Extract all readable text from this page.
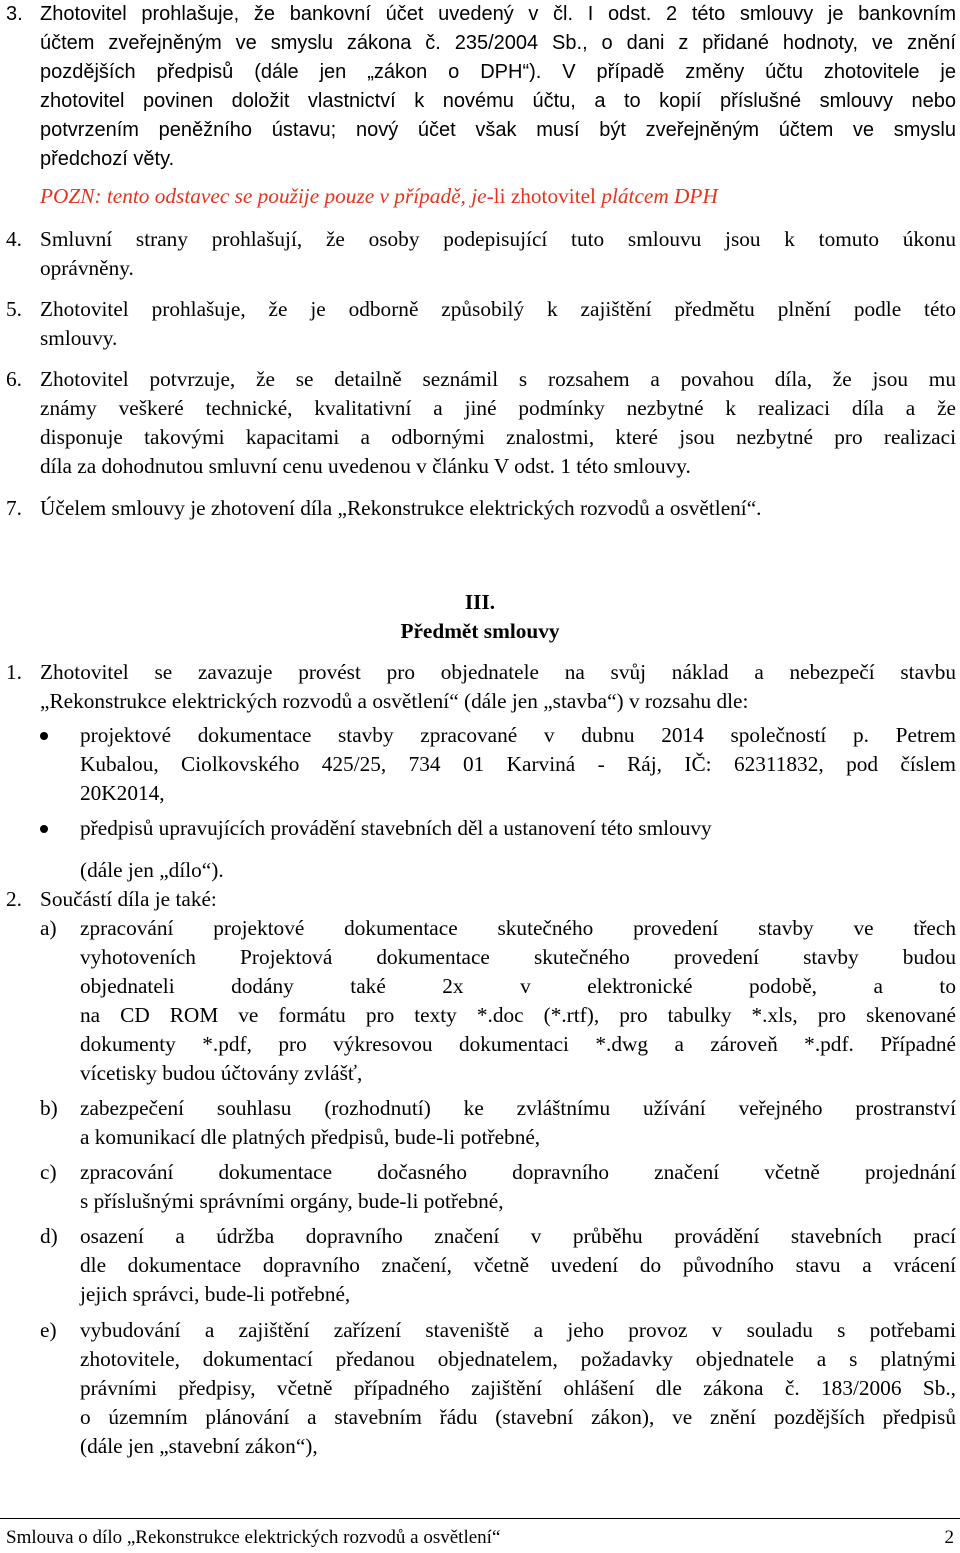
3. Zhotovitel prohlašuje, že bankovní účet uvedený v čl. I odst. 2 této smlouvy je bankovním
účtem zveřejněným ve smyslu zákona č. 235/2004 Sb., o dani z přidané hodnoty, ve znění
pozdějších předpisů (dále jen „zákon o DPH“). V případě změny účtu zhotovitele je
zhotovitel povinen doložit vlastnictví k novému účtu, a to kopií příslušné smlouvy nebo
potvrzením peněžního ústavu; nový účet však musí být zveřejněným účtem ve smyslu
předchozí věty.
POZN: tento odstavec se použije pouze v případě, je-li zhotovitel plátcem DPH
4. Smluvní strany prohlašují, že osoby podepisující tuto smlouvu jsou k tomuto úkonu
oprávněny.
5. Zhotovitel prohlašuje, že je odborně způsobilý k zajištění předmětu plnění podle této
smlouvy.
6. Zhotovitel potvrzuje, že se detailně seznámil s rozsahem a povahou díla, že jsou mu
známy veškeré technické, kvalitativní a jiné podmínky nezbytné k realizaci díla a že
disponuje takovými kapacitami a odbornými znalostmi, které jsou nezbytné pro realizaci
díla za dohodnutou smluvní cenu uvedenou v článku V odst. 1 této smlouvy.
7. Účelem smlouvy je zhotovení díla „Rekonstrukce elektrických rozvodů a osvětlení“.
III.
Předmět smlouvy
1. Zhotovitel se zavazuje provést pro objednatele na svůj náklad a nebezpečí stavbu
„Rekonstrukce elektrických rozvodů a osvětlení“ (dále jen „stavba“) v rozsahu dle:
projektové dokumentace stavby zpracované v dubnu 2014 společností p. Petrem
Kubalou, Ciolkovského 425/25, 734 01 Karviná - Ráj, IČ: 62311832, pod číslem
20K2014,
předpisů upravujících provádění stavebních děl a ustanovení této smlouvy
(dále jen „dílo“).
2. Součástí díla je také:
a) zpracování projektové dokumentace skutečného provedení stavby ve třech
vyhotoveních Projektová dokumentace skutečného provedení stavby budou
objednateli dodány také 2x v elektronické podobě, a to
na CD ROM ve formátu pro texty *.doc (*.rtf), pro tabulky *.xls, pro skenované
dokumenty *.pdf, pro výkresovou dokumentaci *.dwg a zároveň *.pdf. Případné
vícetisky budou účtovány zvlášť,
b) zabezpečení souhlasu (rozhodnutí) ke zvláštnímu užívání veřejného prostranství
a komunikací dle platných předpisů, bude-li potřebné,
c) zpracování dokumentace dočasného dopravního značení včetně projednání
s příslušnými správními orgány, bude-li potřebné,
d) osazení a údržba dopravního značení v průběhu provádění stavebních prací
dle dokumentace dopravního značení, včetně uvedení do původního stavu a vrácení
jejich správci, bude-li potřebné,
e) vybudování a zajištění zařízení staveniště a jeho provoz v souladu s potřebami
zhotovitele, dokumentací předanou objednatelem, požadavky objednatele a s platnými
právními předpisy, včetně případného zajištění ohlášení dle zákona č. 183/2006 Sb.,
o územním plánování a stavebním řádu (stavební zákon), ve znění pozdějších předpisů
(dále jen „stavební zákon“),
Smlouva o dílo „Rekonstrukce elektrických rozvodů a osvětlení“	2
